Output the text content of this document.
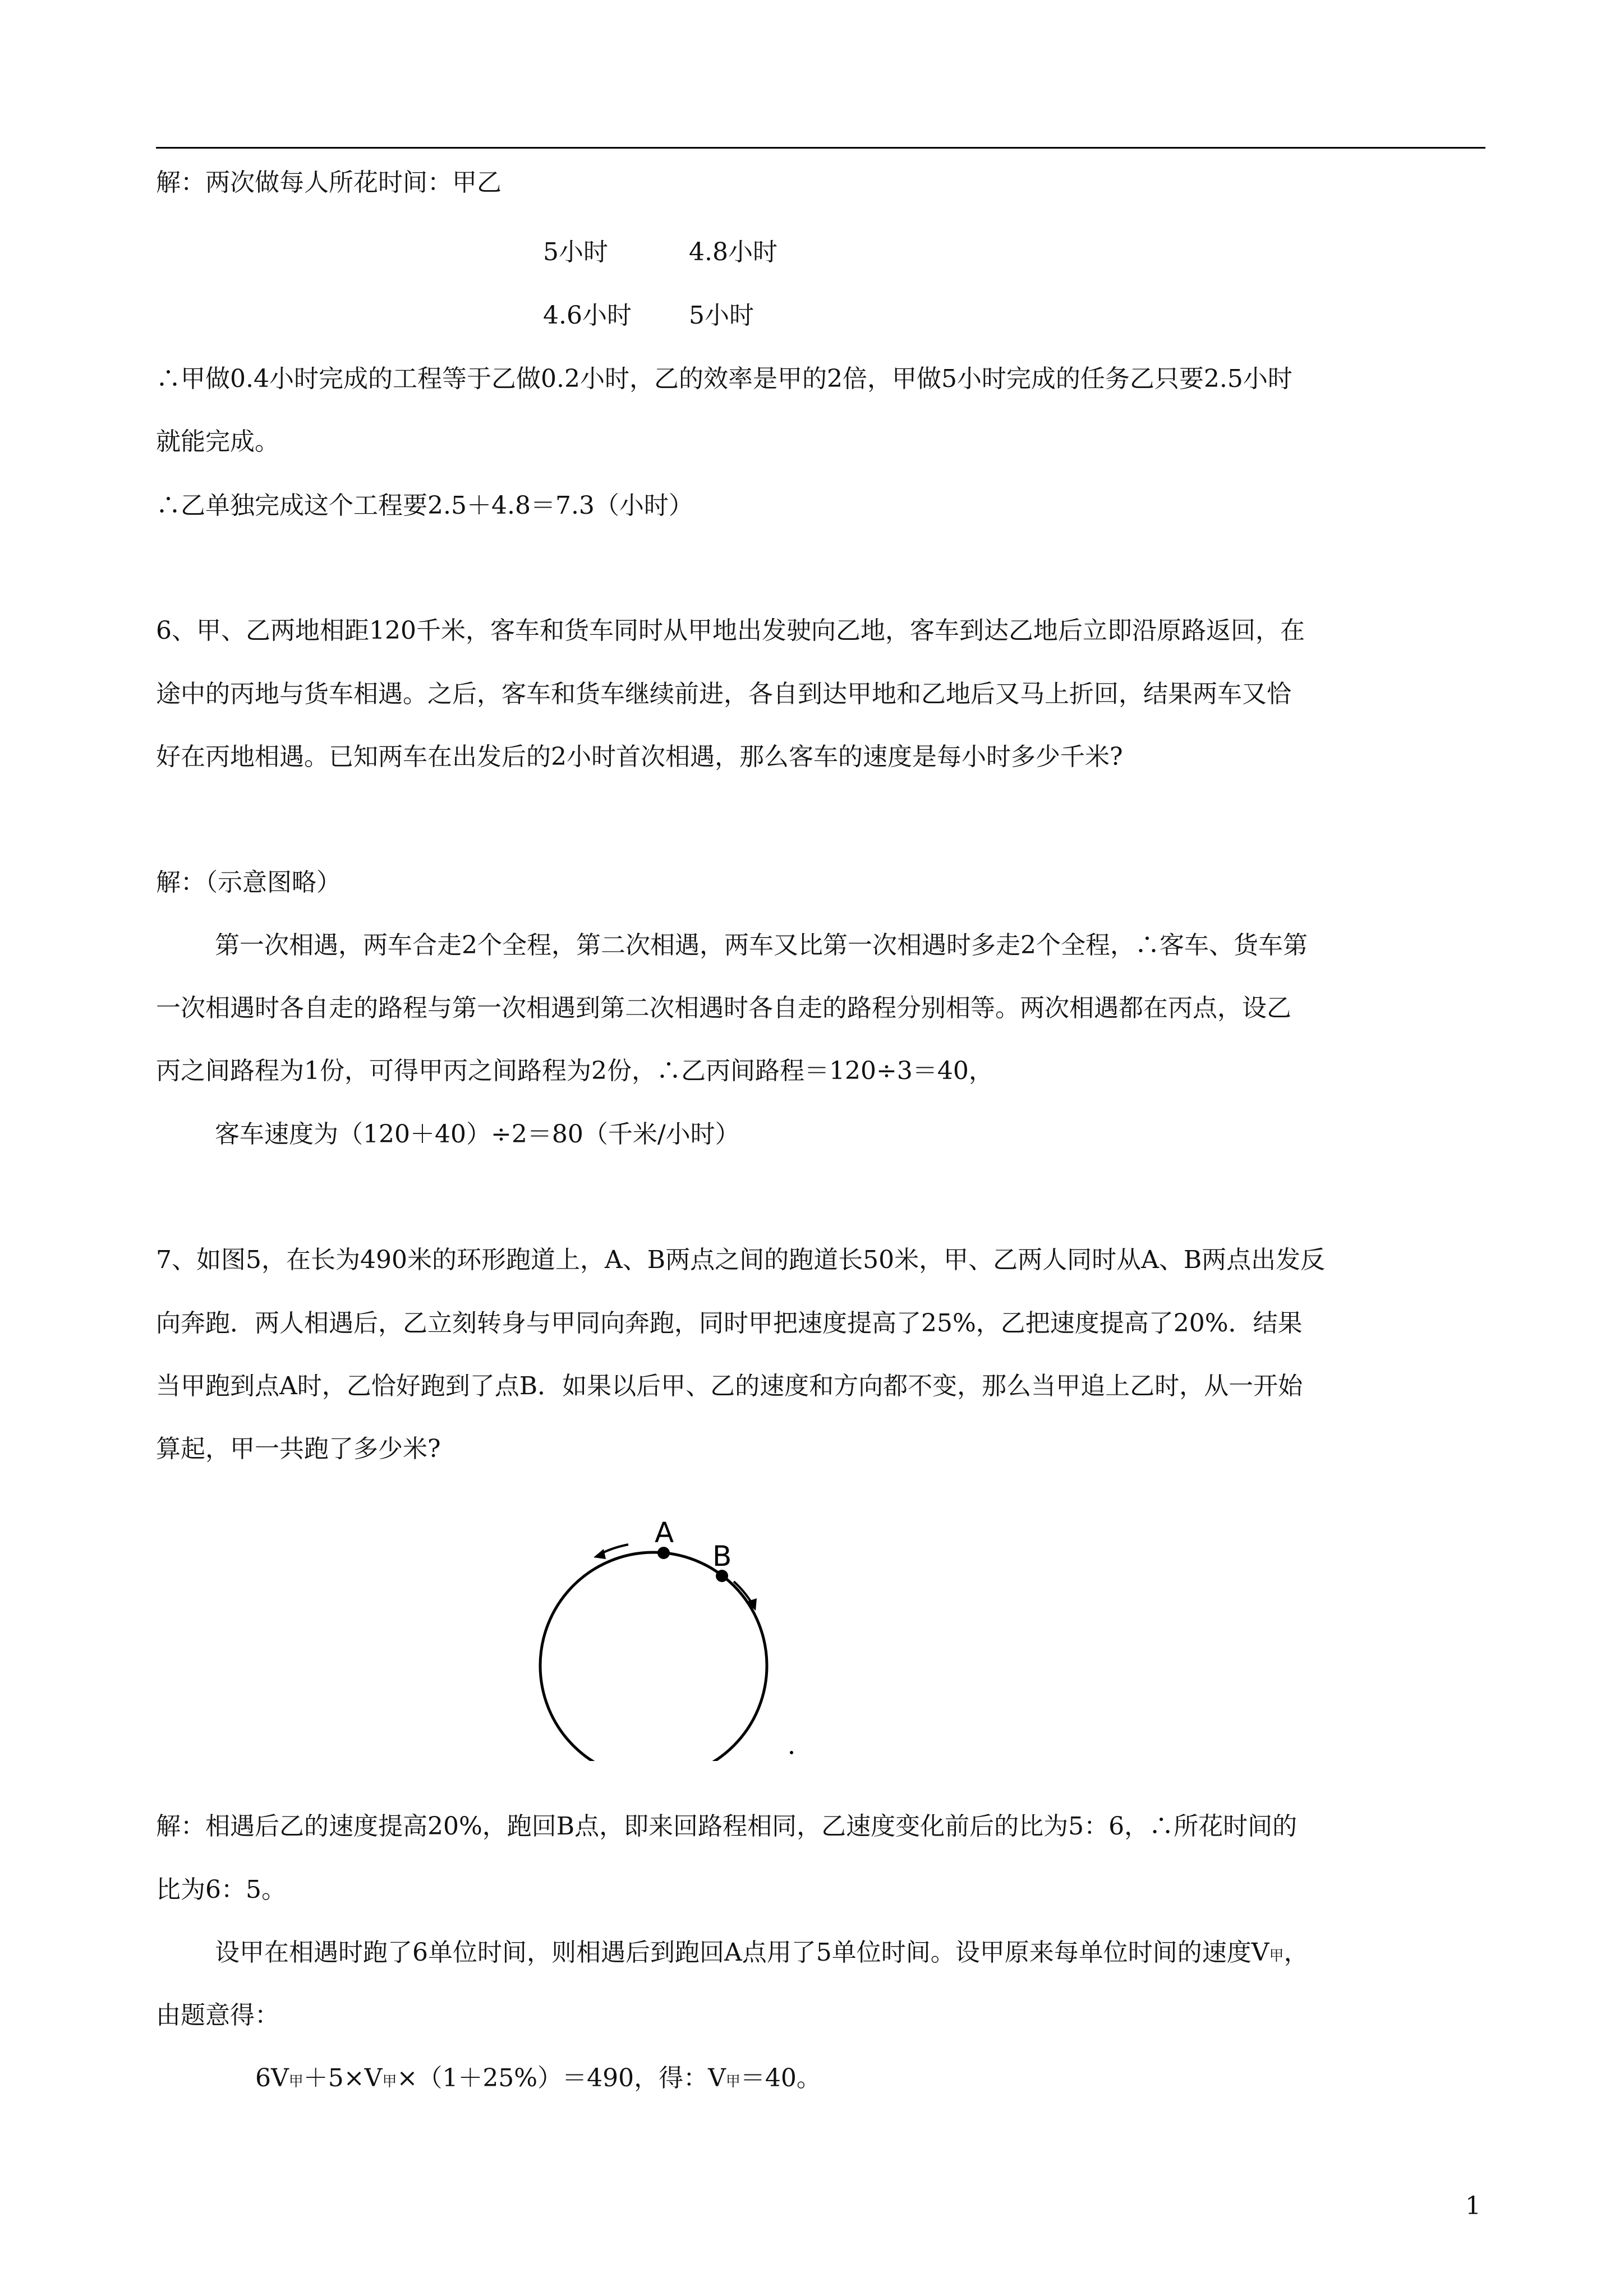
解：两次做每人所花时间：甲乙
5小时	4.8小时
4.6小时 5小时
∴甲做0.4小时完成的工程等于乙做0.2小时，乙的效率是甲的2倍，甲做5小时完成的任务乙只要2.5小时
就能完成。
∴乙单独完成这个工程要2.5＋4.8＝7.3（小时）
6、甲、乙两地相距120千米，客车和货车同时从甲地出发驶向乙地，客车到达乙地后立即沿原路返回，在
途中的丙地与货车相遇。之后，客车和货车继续前进，各自到达甲地和乙地后又马上折回，结果两车又恰
好在丙地相遇。已知两车在出发后的2小时首次相遇，那么客车的速度是每小时多少千米?
解：（示意图略）
第一次相遇，两车合走2个全程，第二次相遇，两车又比第一次相遇时多走2个全程，∴客车、货车第
一次相遇时各自走的路程与第一次相遇到第二次相遇时各自走的路程分别相等。两次相遇都在丙点，设乙
丙之间路程为1份，可得甲丙之间路程为2份，∴乙丙间路程＝120÷3＝40，
客车速度为（120＋40）÷2＝80（千米/小时）
7、如图5，在长为490米的环形跑道上，A、B两点之间的跑道长50米，甲、乙两人同时从A、B两点出发反
向奔跑．两人相遇后，乙立刻转身与甲同向奔跑，同时甲把速度提高了25%，乙把速度提高了20%．结果
当甲跑到点A时，乙恰好跑到了点B．如果以后甲、乙的速度和方向都不变，那么当甲追上乙时，从一开始
算起，甲一共跑了多少米?
A
B
解：相遇后乙的速度提高20%，跑回B点，即来回路程相同，乙速度变化前后的比为5：6，∴所花时间的
比为6：5。
设甲在相遇时跑了6单位时间，则相遇后到跑回A点用了5单位时间。设甲原来每单位时间的速度V甲，
由题意得：
6V甲＋5×V甲×（1＋25%）＝490，得：V甲＝40。
1
